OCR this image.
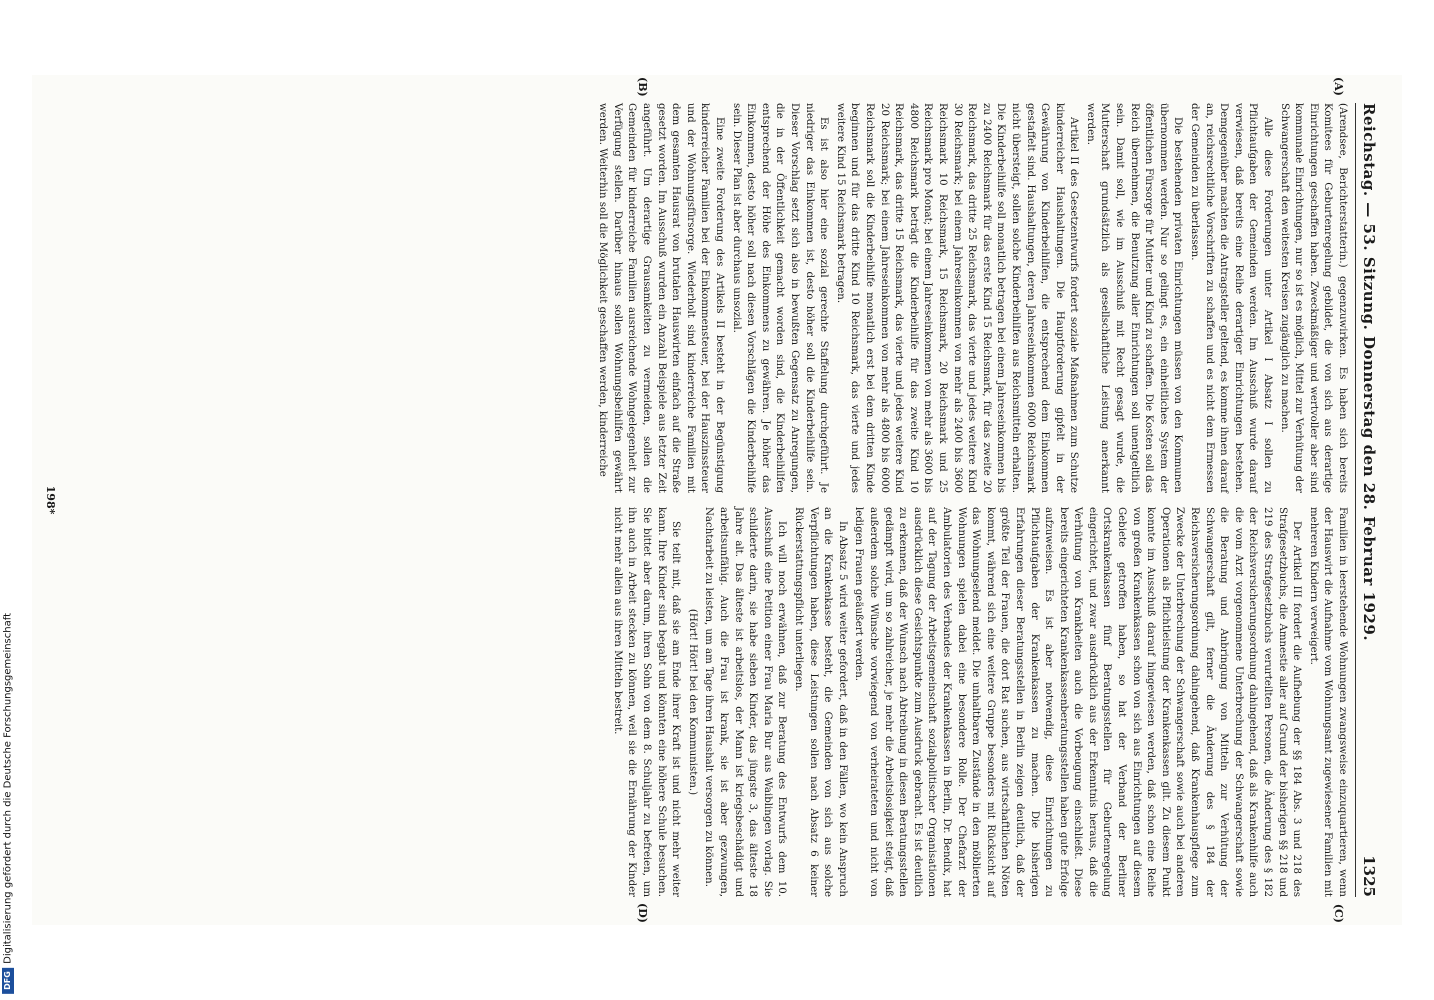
Reichstag. — 53. Sitzung. Donnerstag den 28. Februar 1929.
1325
(A)
(B)
(C)
(D)

(Arendsee, Berichterstatterin.) gegenzuwirken. Es haben sich bereits Komitees für Geburtenregelung gebildet, die von sich aus derartige Einrichtungen geschaffen haben. Zweckmäßiger und wertvoller aber sind kommunale Einrichtungen, nur so ist es möglich, Mittel zur Verhütung der Schwangerschaft den weitesten Kreisen zugänglich zu machen.

Alle diese Forderungen unter Artikel I Absatz I sollen zu Pflichtaufgaben der Gemeinden werden. Im Ausschuß wurde darauf verwiesen, daß bereits eine Reihe derartiger Einrichtungen bestehen. Demgegenüber machten die Antragsteller geltend, es komme ihnen darauf an, reichsrechtliche Vorschriften zu schaffen und es nicht dem Ermessen der Gemeinden zu überlassen.

Die bestehenden privaten Einrichtungen müssen von den Kommunen übernommen werden. Nur so gelingt es, ein einheitliches System der öffentlichen Fürsorge für Mutter und Kind zu schaffen. Die Kosten soll das Reich übernehmen, die Benutzung aller Einrichtungen soll unentgeltlich sein. Damit soll, wie im Ausschuß mit Recht gesagt wurde, die Mutterschaft grundsätzlich als gesellschaftliche Leistung anerkannt werden.

Artikel II des Gesetzentwurfs fordert soziale Maßnahmen zum Schutze kinderreicher Haushaltungen. Die Hauptforderung gipfelt in der Gewährung von Kinderbeihilfen, die entsprechend dem Einkommen gestaffelt sind. Haushaltungen, deren Jahreseinkommen 6000 Reichsmark nicht übersteigt, sollen solche Kinderbeihilfen aus Reichsmitteln erhalten. Die Kinderbeihilfe soll monatlich betragen bei einem Jahreseinkommen bis zu 2400 Reichsmark für das erste Kind 15 Reichsmark, für das zweite 20 Reichsmark, das dritte 25 Reichsmark, das vierte und jedes weitere Kind 30 Reichsmark; bei einem Jahreseinkommen von mehr als 2400 bis 3600 Reichsmark 10 Reichsmark, 15 Reichsmark, 20 Reichsmark und 25 Reichsmark pro Monat; bei einem Jahreseinkommen von mehr als 3600 bis 4800 Reichsmark beträgt die Kinderbeihilfe für das zweite Kind 10 Reichsmark, das dritte 15 Reichsmark, das vierte und jedes weitere Kind 20 Reichsmark; bei einem Jahreseinkommen von mehr als 4800 bis 6000 Reichsmark soll die Kinderbeihilfe monatlich erst bei dem dritten Kinde beginnen und für das dritte Kind 10 Reichsmark, das vierte und jedes weitere Kind 15 Reichsmark betragen.

Es ist also hier eine sozial gerechte Staffelung durchgeführt. Je niedriger das Einkommen ist, desto höher soll die Kinderbeihilfe sein. Dieser Vorschlag setzt sich also in bewußten Gegensatz zu Anregungen, die in der Öffentlichkeit gemacht worden sind, die Kinderbeihilfen entsprechend der Höhe des Einkommens zu gewähren. Je höher das Einkommen, desto höher soll nach diesen Vorschlägen die Kinderbeihilfe sein. Dieser Plan ist aber durchaus unsozial.

Eine zweite Forderung des Artikels II besteht in der Begünstigung kinderreicher Familien bei der Einkommensteuer, bei der Hauszinssteuer und der Wohnungsfürsorge. Wiederholt sind kinderreiche Familien mit dem gesamten Hausrat von brutalen Hauswirten einfach auf die Straße gesetzt worden. Im Ausschuß wurden ein Anzahl Beispiele aus letzter Zeit angeführt. Um derartige Grausamkeiten zu vermeiden, sollen die Gemeinden für kinderreiche Familien ausreichende Wohngelegenheit zur Verfügung stellen. Darüber hinaus sollen Wohnungsbeihilfen gewährt werden. Weiterhin soll die Möglichkeit geschaffen werden, kinderreiche

Familien in leerstehende Wohnungen zwangsweise einzuquartieren, wenn der Hauswirt die Aufnahme vom Wohnungsamt zugewiesener Familien mit mehreren Kindern verweigert.

Der Artikel III fordert die Aufhebung der §§ 184 Abs. 3 und 218 des Strafgesetzbuchs, die Amnestie aller auf Grund der bisherigen §§ 218 und 219 des Strafgesetzbuchs verurteilten Personen, die Änderung des § 182 der Reichsversicherungsordnung dahingehend, daß als Krankenhilfe auch die vom Arzt vorgenommene Unterbrechung der Schwangerschaft sowie die Beratung und Anbringung von Mitteln zur Verhütung der Schwangerschaft gilt, ferner die Änderung des § 184 der Reichsversicherungsordnung dahingehend, daß Krankenhauspflege zum Zwecke der Unterbrechung der Schwangerschaft sowie auch bei anderen Operationen als Pflichtleistung der Krankenkassen gilt. Zu diesem Punkt konnte im Ausschuß darauf hingewiesen werden, daß schon eine Reihe von großen Krankenkassen schon von sich aus Einrichtungen auf diesem Gebiete getroffen haben, so hat der Verband der Berliner Ortskrankenkassen fünf Beratungsstellen für Geburtenregelung eingerichtet, und zwar ausdrücklich aus der Erkenntnis heraus, daß die Verhütung von Krankheiten auch die Vorbeugung einschließt. Diese bereits eingerichteten Krankenkassenberatungsstellen haben gute Erfolge aufzuweisen. Es ist aber notwendig, diese Einrichtungen zu Pflichtaufgaben der Krankenkassen zu machen. Die bisherigen Erfahrungen dieser Beratungsstellen in Berlin zeigen deutlich, daß der größte Teil der Frauen, die dort Rat suchen, aus wirtschaftlichen Nöten kommt, während sich eine weitere Gruppe besonders mit Rücksicht auf das Wohnungselend meldet. Die unhaltbaren Zustände in den möblierten Wohnungen spielen dabei eine besondere Rolle. Der Chefarzt der Ambulatorien des Verbandes der Krankenkassen in Berlin, Dr. Bendix, hat auf der Tagung der Arbeitsgemeinschaft sozialpolitischer Organisationen ausdrücklich diese Gesichtspunkte zum Ausdruck gebracht. Es ist deutlich zu erkennen, daß der Wunsch nach Abtreibung in diesen Beratungsstellen gedämpft wird, um so zahlreicher, je mehr die Arbeitslosigkeit steigt, daß außerdem solche Wünsche vorwiegend von verheirateten und nicht von ledigen Frauen geäußert werden.

In Absatz 5 wird weiter gefordert, daß in den Fällen, wo kein Anspruch an die Krankenkasse besteht, die Gemeinden von sich aus solche Verpflichtungen haben, diese Leistungen sollen nach Absatz 6 keiner Rückerstattungspflicht unterliegen.

Ich will noch erwähnen, daß zur Beratung des Entwurfs dem 10. Ausschuß eine Petition einer Frau Maria Bur aus Waiblingen vorlag. Sie schilderte darin, sie habe sieben Kinder, das jüngste 3, das älteste 18 Jahre alt. Das älteste ist arbeitslos, der Mann ist kriegsbeschädigt und arbeitsunfähig. Auch die Frau ist krank, sie ist aber gezwungen, Nachtarbeit zu leisten, um am Tage ihren Haushalt versorgen zu können.

(Hört! Hört! bei den Kommunisten.)

Sie teilt mit, daß sie am Ende ihrer Kraft ist und nicht mehr weiter kann. Ihre Kinder sind begabt und könnten eine höhere Schule besuchen. Sie bittet aber darum, ihren Sohn von dem 8. Schuljahr zu befreien, um ihn auch in Arbeit stecken zu können, weil sie die Ernährung der Kinder nicht mehr allein aus ihren Mitteln bestreit.

198*
DFG
Digitalisierung gefördert durch die Deutsche Forschungsgemeinschaft
